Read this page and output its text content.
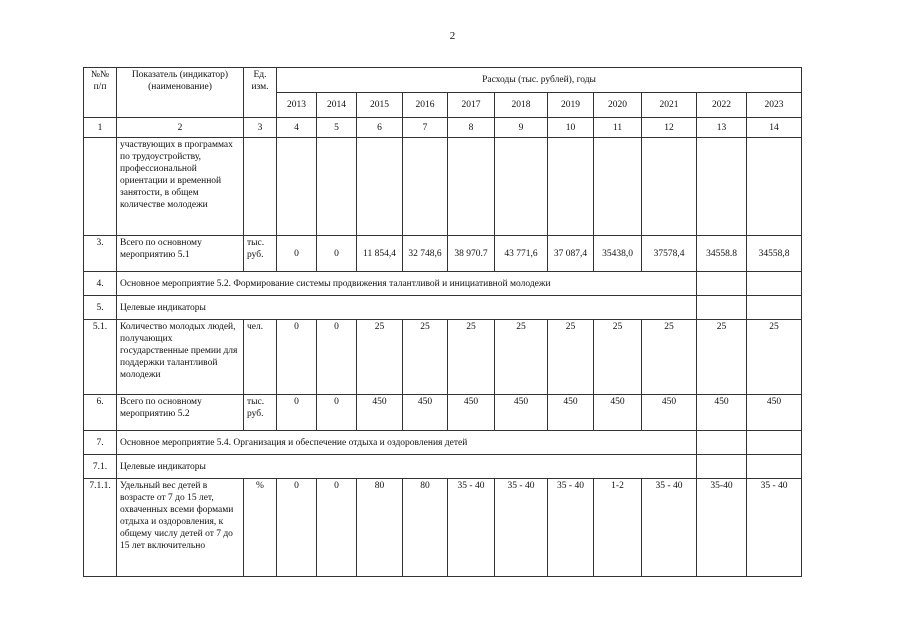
2
№№ п/п	Показатель (индикатор) (наименование)	Ед. изм.	Расходы (тыс. рублей), годы										
			2013	2014	2015	2016	2017	2018	2019	2020	2021	2022	2023
1	2	3	4	5	6	7	8	9	10	11	12	13	14
	участвующих в программах по трудоустройству, профессиональной ориентации и временной занятости, в общем количестве молодежи												
3.	Всего по основному мероприятию 5.1	тыс. руб.	0	0	11 854,4	32 748,6	38 970.7	43 771,6	37 087,4	35438,0	37578,4	34558.8	34558,8
4.	Основное мероприятие 5.2. Формирование системы продвижения талантливой и инициативной молодежи												
5.	Целевые индикаторы												
5.1.	Количество молодых людей, получающих государственные премии для поддержки талантливой молодежи	чел.	0	0	25	25	25	25	25	25	25	25	25
6.	Всего по основному мероприятию 5.2	тыс. руб.	0	0	450	450	450	450	450	450	450	450	450
7.	Основное мероприятие 5.4. Организация и обеспечение отдыха и оздоровления детей												
7.1.	Целевые индикаторы												
7.1.1.	Удельный вес детей в возрасте от 7 до 15 лет, охваченных всеми формами отдыха и оздоровления, к общему числу детей от 7 до 15 лет включительно	%	0	0	80	80	35 - 40	35 - 40	35 - 40	1-2	35 - 40	35-40	35 - 40
